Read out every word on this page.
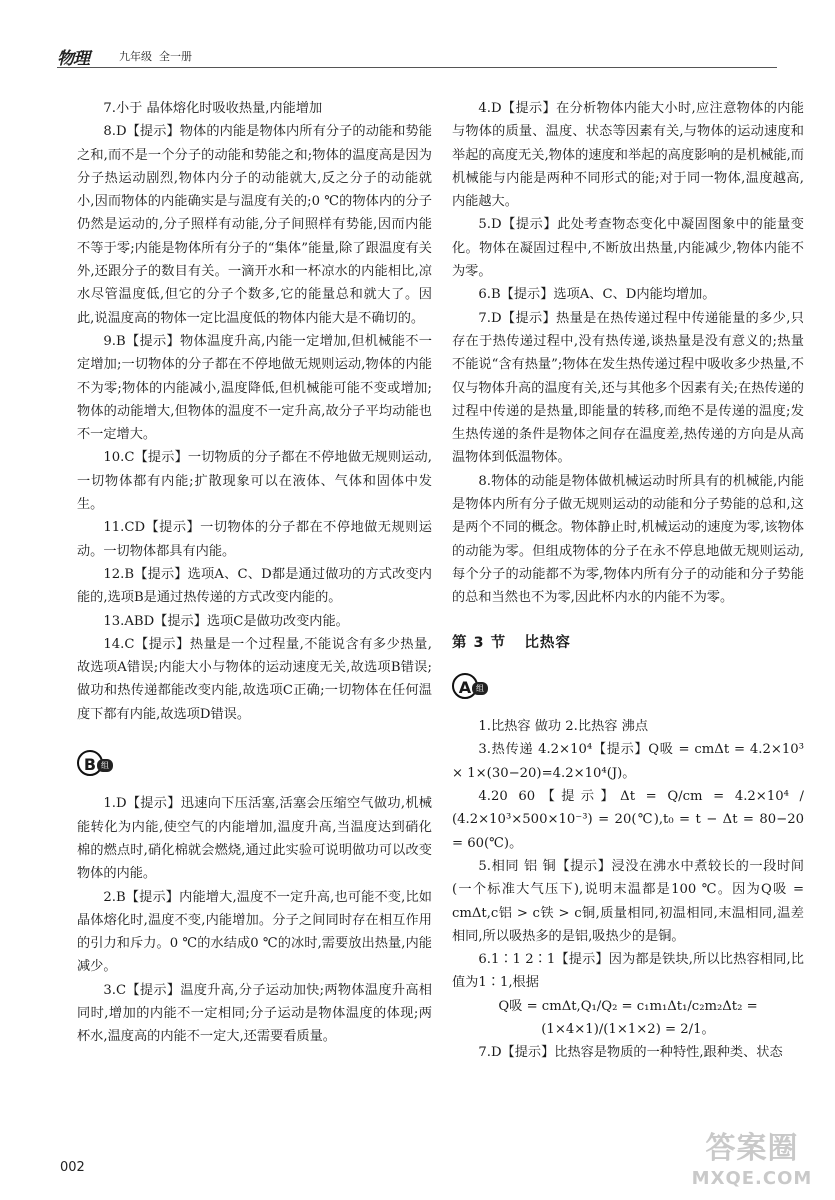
物理	九年级  全一册

7.小于 晶体熔化时吸收热量,内能增加

8.D【提示】物体的内能是物体内所有分子的动能和势能之和,而不是一个分子的动能和势能之和;物体的温度高是因为分子热运动剧烈,物体内分子的动能就大,反之分子的动能就小,因而物体的内能确实是与温度有关的;0 ℃的物体内的分子仍然是运动的,分子照样有动能,分子间照样有势能,因而内能不等于零;内能是物体所有分子的“集体”能量,除了跟温度有关外,还跟分子的数目有关。一滴开水和一杯凉水的内能相比,凉水尽管温度低,但它的分子个数多,它的能量总和就大了。因此,说温度高的物体一定比温度低的物体内能大是不确切的。

9.B【提示】物体温度升高,内能一定增加,但机械能不一定增加;一切物体的分子都在不停地做无规则运动,物体的内能不为零;物体的内能减小,温度降低,但机械能可能不变或增加;物体的动能增大,但物体的温度不一定升高,故分子平均动能也不一定增大。

10.C【提示】一切物质的分子都在不停地做无规则运动,一切物体都有内能;扩散现象可以在液体、气体和固体中发生。

11.CD【提示】一切物体的分子都在不停地做无规则运动。一切物体都具有内能。

12.B【提示】选项A、C、D都是通过做功的方式改变内能的,选项B是通过热传递的方式改变内能的。

13.ABD【提示】选项C是做功改变内能。

14.C【提示】热量是一个过程量,不能说含有多少热量,故选项A错误;内能大小与物体的运动速度无关,故选项B错误;做功和热传递都能改变内能,故选项C正确;一切物体在任何温度下都有内能,故选项D错误。

B 组

1.D【提示】迅速向下压活塞,活塞会压缩空气做功,机械能转化为内能,使空气的内能增加,温度升高,当温度达到硝化棉的燃点时,硝化棉就会燃烧,通过此实验可说明做功可以改变物体的内能。

2.B【提示】内能增大,温度不一定升高,也可能不变,比如晶体熔化时,温度不变,内能增加。分子之间同时存在相互作用的引力和斥力。0 ℃的水结成0 ℃的冰时,需要放出热量,内能减少。

3.C【提示】温度升高,分子运动加快;两物体温度升高相同时,增加的内能不一定相同;分子运动是物体温度的体现;两杯水,温度高的内能不一定大,还需要看质量。

4.D【提示】在分析物体内能大小时,应注意物体的内能与物体的质量、温度、状态等因素有关,与物体的运动速度和举起的高度无关,物体的速度和举起的高度影响的是机械能,而机械能与内能是两种不同形式的能;对于同一物体,温度越高,内能越大。

5.D【提示】此处考查物态变化中凝固图象中的能量变化。物体在凝固过程中,不断放出热量,内能减少,物体内能不为零。

6.B【提示】选项A、C、D内能均增加。

7.D【提示】热量是在热传递过程中传递能量的多少,只存在于热传递过程中,没有热传递,谈热量是没有意义的;热量不能说“含有热量”;物体在发生热传递过程中吸收多少热量,不仅与物体升高的温度有关,还与其他多个因素有关;在热传递的过程中传递的是热量,即能量的转移,而绝不是传递的温度;发生热传递的条件是物体之间存在温度差,热传递的方向是从高温物体到低温物体。

8.物体的动能是物体做机械运动时所具有的机械能,内能是物体内所有分子做无规则运动的动能和分子势能的总和,这是两个不同的概念。物体静止时,机械运动的速度为零,该物体的动能为零。但组成物体的分子在永不停息地做无规则运动,每个分子的动能都不为零,物体内所有分子的动能和分子势能的总和当然也不为零,因此杯内水的内能不为零。

第 3 节   比热容

A 组

1.比热容 做功 2.比热容 沸点

3.热传递 4.2×10⁴【提示】Q吸 = cmΔt = 4.2×10³ × 1×(30−20)=4.2×10⁴(J)。

4.20 60【提示】Δt = Q/cm = 4.2×10⁴ / (4.2×10³×500×10⁻³) = 20(℃),t₀ = t − Δt = 80−20 = 60(℃)。

5.相同 铝 铜【提示】浸没在沸水中煮较长的一段时间(一个标准大气压下),说明末温都是100 ℃。因为Q吸 = cmΔt,c铝 > c铁 > c铜,质量相同,初温相同,末温相同,温差相同,所以吸热多的是铝,吸热少的是铜。

6.1∶1 2∶1【提示】因为都是铁块,所以比热容相同,比值为1∶1,根据

Q吸 = cmΔt,Q₁/Q₂ = c₁m₁Δt₁/c₂m₂Δt₂ = (1×4×1)/(1×1×2) = 2/1。

7.D【提示】比热容是物质的一种特性,跟种类、状态

002
答案圈
MXQE.COM
